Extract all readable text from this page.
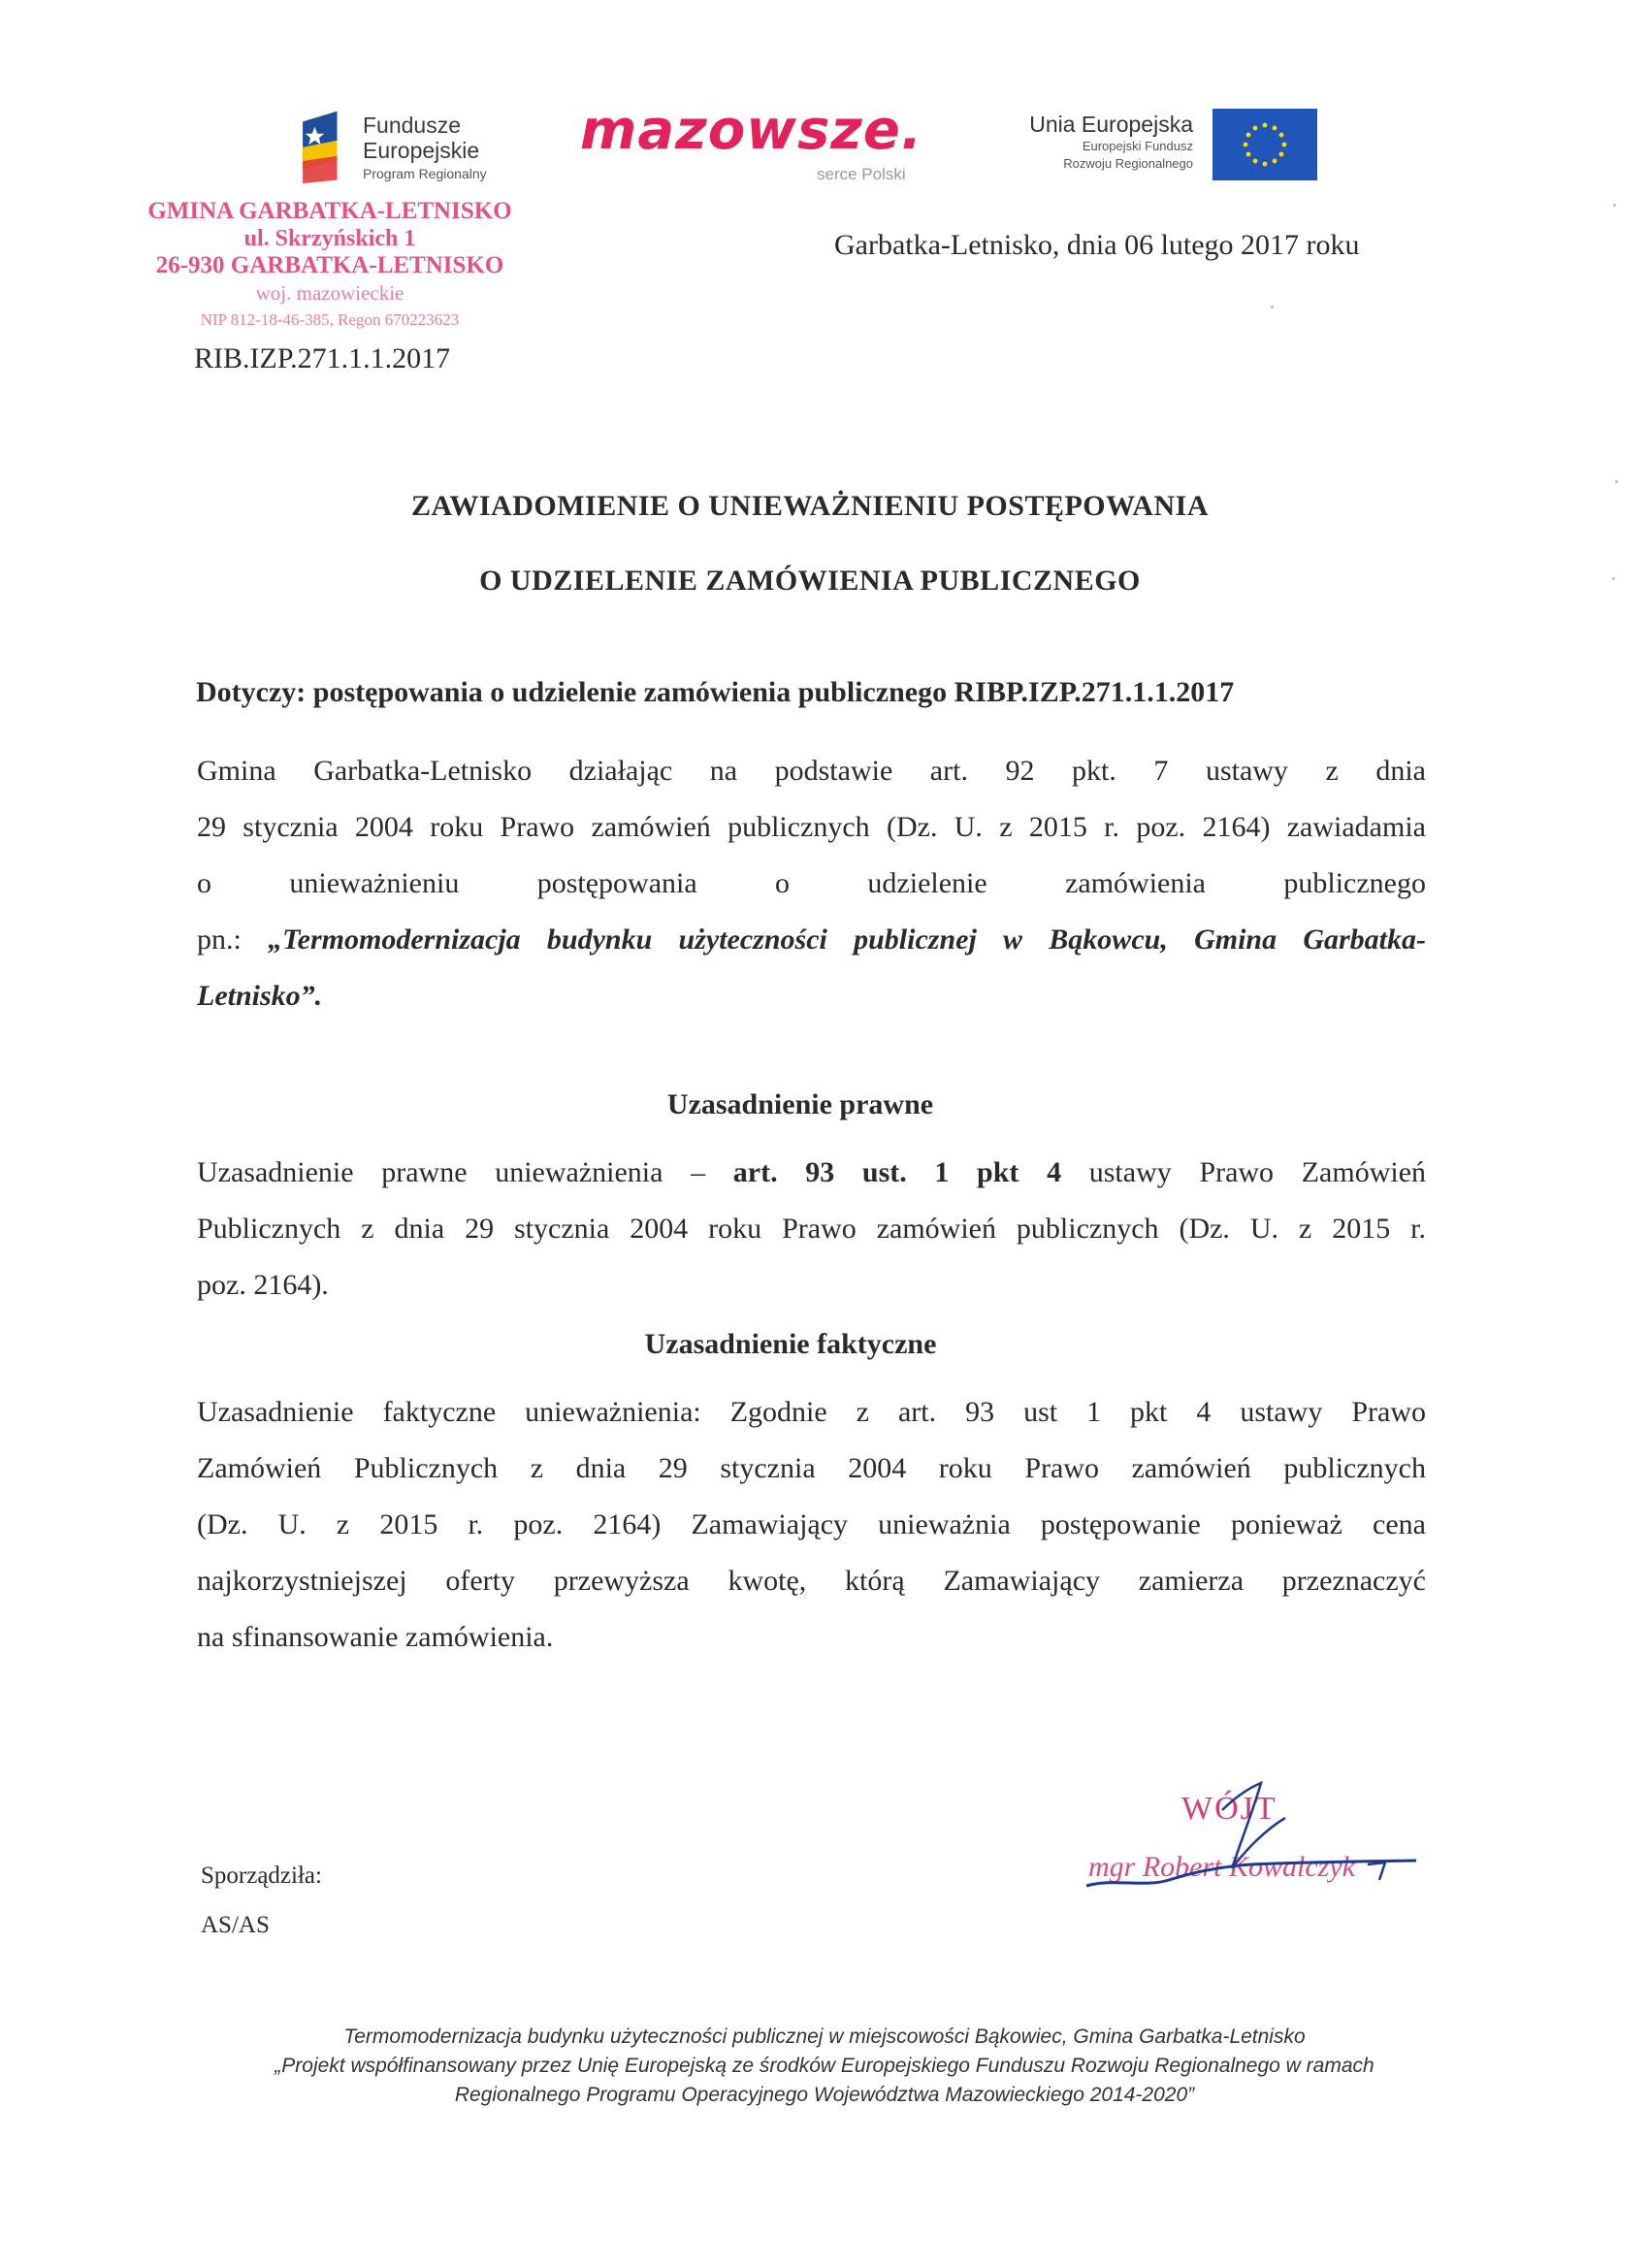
Fundusze
Europejskie
Program Regionalny
mazowsze.
serce Polski
Unia Europejska
Europejski Fundusz
Rozwoju Regionalnego
GMINA GARBATKA-LETNISKO
ul. Skrzyńskich 1
26-930 GARBATKA-LETNISKO
woj. mazowieckie
NIP 812-18-46-385, Regon 670223623
Garbatka-Letnisko, dnia 06 lutego 2017 roku
RIB.IZP.271.1.1.2017
ZAWIADOMIENIE O UNIEWAŻNIENIU POSTĘPOWANIA
O UDZIELENIE ZAMÓWIENIA PUBLICZNEGO
Dotyczy: postępowania o udzielenie zamówienia publicznego RIBP.IZP.271.1.1.2017
Gmina Garbatka-Letnisko działając na podstawie art. 92 pkt. 7 ustawy z dnia
29 stycznia 2004 roku Prawo zamówień publicznych (Dz. U. z 2015 r. poz. 2164) zawiadamia
o unieważnieniu postępowania o udzielenie zamówienia publicznego
pn.: „Termomodernizacja budynku użyteczności publicznej w Bąkowcu, Gmina Garbatka-
Letnisko”.
Uzasadnienie prawne
Uzasadnienie prawne unieważnienia – art. 93 ust. 1 pkt 4 ustawy Prawo Zamówień
Publicznych z dnia 29 stycznia 2004 roku Prawo zamówień publicznych (Dz. U. z 2015 r.
poz. 2164).
Uzasadnienie faktyczne
Uzasadnienie faktyczne unieważnienia: Zgodnie z art. 93 ust 1 pkt 4 ustawy Prawo
Zamówień Publicznych z dnia 29 stycznia 2004 roku Prawo zamówień publicznych
(Dz. U. z 2015 r. poz. 2164) Zamawiający unieważnia postępowanie ponieważ cena
najkorzystniejszej oferty przewyższa kwotę, którą Zamawiający zamierza przeznaczyć
na sfinansowanie zamówienia.
WÓJT
mgr Robert Kowalczyk
Sporządziła:
AS/AS
Termomodernizacja budynku użyteczności publicznej w miejscowości Bąkowiec, Gmina Garbatka-Letnisko
„Projekt współfinansowany przez Unię Europejską ze środków Europejskiego Funduszu Rozwoju Regionalnego w ramach
Regionalnego Programu Operacyjnego Województwa Mazowieckiego 2014-2020”
